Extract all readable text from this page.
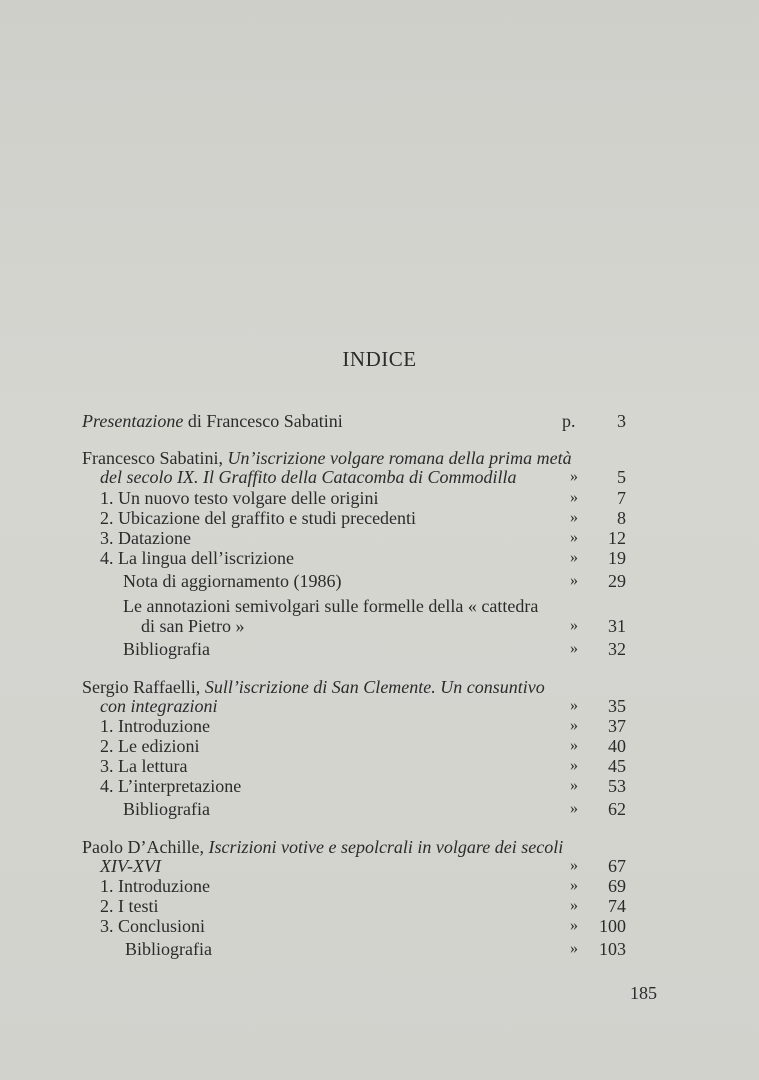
INDICE
Presentazione di Francesco Sabatini	p. 3
Francesco Sabatini, Un’iscrizione volgare romana della prima metà
del secolo IX. Il Graffito della Catacomba di Commodilla	» 5
1. Un nuovo testo volgare delle origini	» 7
2. Ubicazione del graffito e studi precedenti	» 8
3. Datazione	» 12
4. La lingua dell’iscrizione	» 19
Nota di aggiornamento (1986)	» 29
Le annotazioni semivolgari sulle formelle della « cattedra
di san Pietro »	» 31
Bibliografia	» 32
Sergio Raffaelli, Sull’iscrizione di San Clemente. Un consuntivo
con integrazioni	» 35
1. Introduzione	» 37
2. Le edizioni	» 40
3. La lettura	» 45
4. L’interpretazione	» 53
Bibliografia	» 62
Paolo D’Achille, Iscrizioni votive e sepolcrali in volgare dei secoli
XIV-XVI	» 67
1. Introduzione	» 69
2. I testi	» 74
3. Conclusioni	» 100
Bibliografia	» 103
185
